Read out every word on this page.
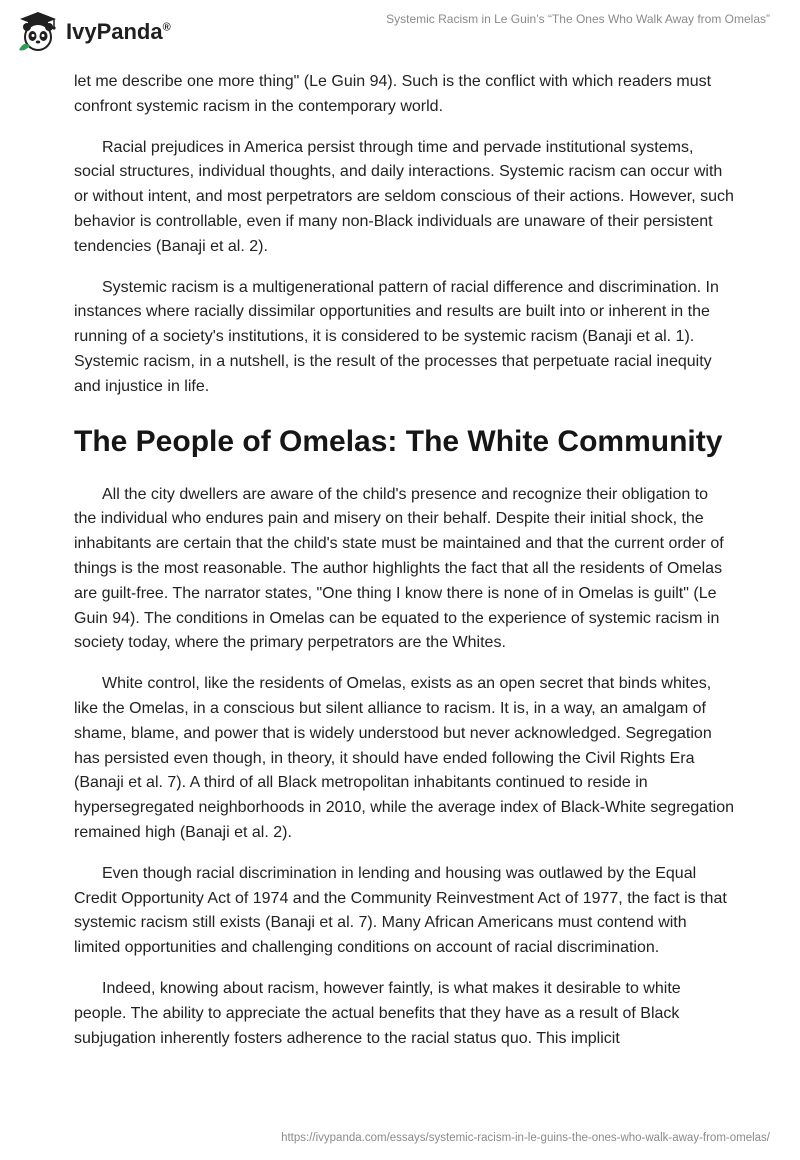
IvyPanda®
Systemic Racism in Le Guin’s “The Ones Who Walk Away from Omelas”

let me describe one more thing" (Le Guin 94). Such is the conflict with which readers must confront systemic racism in the contemporary world.

Racial prejudices in America persist through time and pervade institutional systems, social structures, individual thoughts, and daily interactions. Systemic racism can occur with or without intent, and most perpetrators are seldom conscious of their actions. However, such behavior is controllable, even if many non-Black individuals are unaware of their persistent tendencies (Banaji et al. 2).

Systemic racism is a multigenerational pattern of racial difference and discrimination. In instances where racially dissimilar opportunities and results are built into or inherent in the running of a society's institutions, it is considered to be systemic racism (Banaji et al. 1). Systemic racism, in a nutshell, is the result of the processes that perpetuate racial inequity and injustice in life.

The People of Omelas: The White Community

All the city dwellers are aware of the child's presence and recognize their obligation to the individual who endures pain and misery on their behalf. Despite their initial shock, the inhabitants are certain that the child's state must be maintained and that the current order of things is the most reasonable. The author highlights the fact that all the residents of Omelas are guilt-free. The narrator states, "One thing I know there is none of in Omelas is guilt" (Le Guin 94). The conditions in Omelas can be equated to the experience of systemic racism in society today, where the primary perpetrators are the Whites.

White control, like the residents of Omelas, exists as an open secret that binds whites, like the Omelas, in a conscious but silent alliance to racism. It is, in a way, an amalgam of shame, blame, and power that is widely understood but never acknowledged. Segregation has persisted even though, in theory, it should have ended following the Civil Rights Era (Banaji et al. 7). A third of all Black metropolitan inhabitants continued to reside in hypersegregated neighborhoods in 2010, while the average index of Black-White segregation remained high (Banaji et al. 2).

Even though racial discrimination in lending and housing was outlawed by the Equal Credit Opportunity Act of 1974 and the Community Reinvestment Act of 1977, the fact is that systemic racism still exists (Banaji et al. 7). Many African Americans must contend with limited opportunities and challenging conditions on account of racial discrimination.

Indeed, knowing about racism, however faintly, is what makes it desirable to white people. The ability to appreciate the actual benefits that they have as a result of Black subjugation inherently fosters adherence to the racial status quo. This implicit

https://ivypanda.com/essays/systemic-racism-in-le-guins-the-ones-who-walk-away-from-omelas/
